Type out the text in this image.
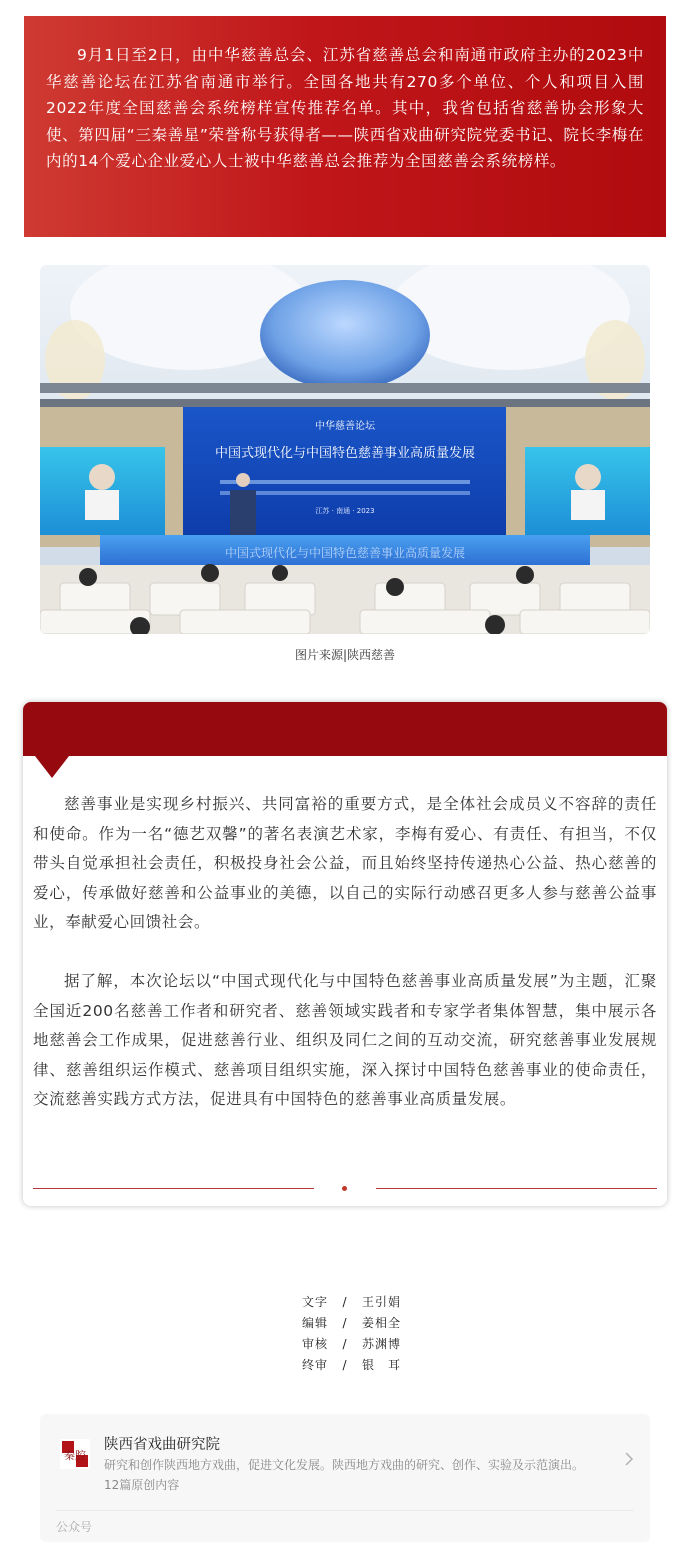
9月1日至2日，由中华慈善总会、江苏省慈善总会和南通市政府主办的2023中华慈善论坛在江苏省南通市举行。全国各地共有270多个单位、个人和项目入围2022年度全国慈善会系统榜样宣传推荐名单。其中，我省包括省慈善协会形象大使、第四届“三秦善星”荣誉称号获得者——陕西省戏曲研究院党委书记、院长李梅在内的14个爱心企业爱心人士被中华慈善总会推荐为全国慈善会系统榜样。

中华慈善论坛
中国式现代化与中国特色慈善事业高质量发展
江苏 · 南通 · 2023
中国式现代化与中国特色慈善事业高质量发展
图片来源|陕西慈善

慈善事业是实现乡村振兴、共同富裕的重要方式，是全体社会成员义不容辞的责任和使命。作为一名“德艺双馨”的著名表演艺术家，李梅有爱心、有责任、有担当，不仅带头自觉承担社会责任，积极投身社会公益，而且始终坚持传递热心公益、热心慈善的爱心，传承做好慈善和公益事业的美德，以自己的实际行动感召更多人参与慈善公益事业，奉献爱心回馈社会。

据了解，本次论坛以“中国式现代化与中国特色慈善事业高质量发展”为主题，汇聚全国近200名慈善工作者和研究者、慈善领域实践者和专家学者集体智慧，集中展示各地慈善会工作成果，促进慈善行业、组织及同仁之间的互动交流，研究慈善事业发展规律、慈善组织运作模式、慈善项目组织实施，深入探讨中国特色慈善事业的使命责任，交流慈善实践方式方法，促进具有中国特色的慈善事业高质量发展。

文字	/	王引娟
编辑	/	姜相全
审核	/	苏渊博
终审	/	银　耳
秦腔
陕西省戏曲研究院
研究和创作陕西地方戏曲，促进文化发展。陕西地方戏曲的研究、创作、实验及示范演出。
12篇原创内容
公众号
